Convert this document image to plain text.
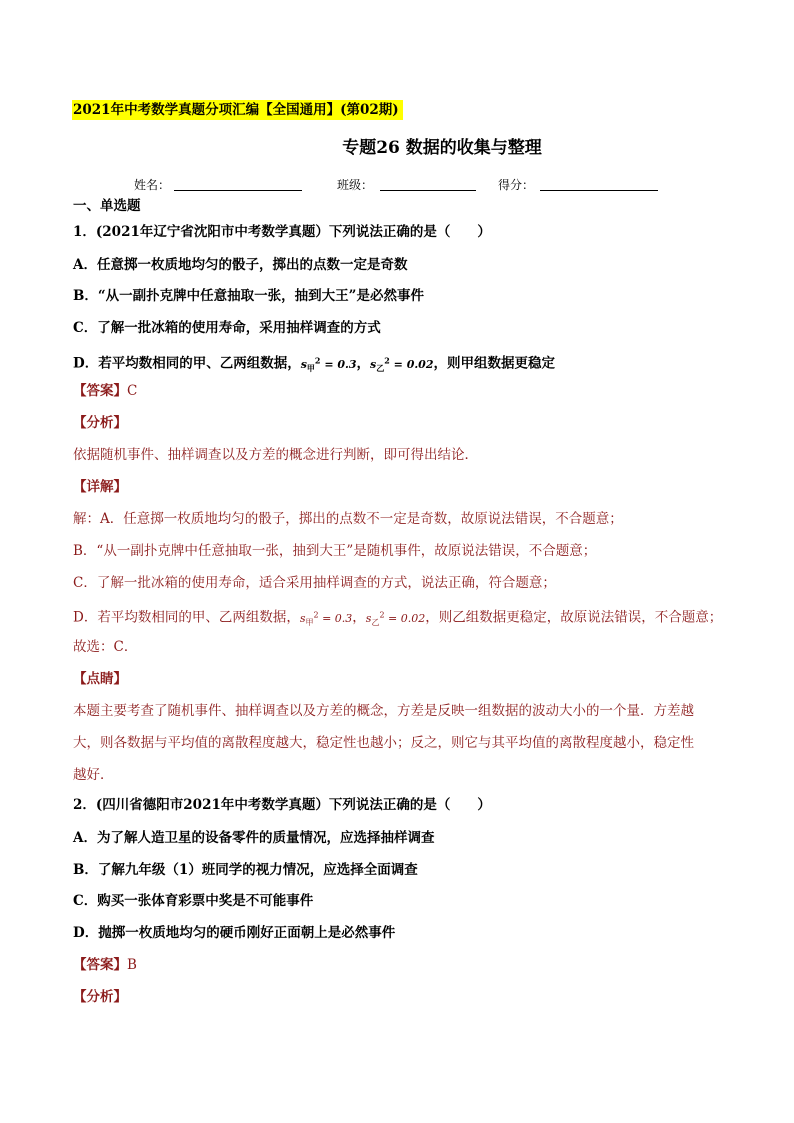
2021年中考数学真题分项汇编【全国通用】(第02期)
专题26 数据的收集与整理
姓名：	班级：	得分：
一、单选题
1．(2021年辽宁省沈阳市中考数学真题）下列说法正确的是（　　）
A．任意掷一枚质地均匀的骰子，掷出的点数一定是奇数
B．“从一副扑克牌中任意抽取一张，抽到大王”是必然事件
C．了解一批冰箱的使用寿命，采用抽样调查的方式
D．若平均数相同的甲、乙两组数据，$s_甲^2 = 0.3$，$s_乙^2 = 0.02$，则甲组数据更稳定
【答案】C
【分析】
依据随机事件、抽样调查以及方差的概念进行判断，即可得出结论．
【详解】
解：A．任意掷一枚质地均匀的骰子，掷出的点数不一定是奇数，故原说法错误，不合题意；
B．“从一副扑克牌中任意抽取一张，抽到大王”是随机事件，故原说法错误，不合题意；
C．了解一批冰箱的使用寿命，适合采用抽样调查的方式，说法正确，符合题意；
D．若平均数相同的甲、乙两组数据，$s_甲^2 = 0.3$，$s_乙^2 = 0.02$，则乙组数据更稳定，故原说法错误，不合题意；
故选：C．
【点睛】
本题主要考查了随机事件、抽样调查以及方差的概念，方差是反映一组数据的波动大小的一个量．方差越
大，则各数据与平均值的离散程度越大，稳定性也越小；反之，则它与其平均值的离散程度越小，稳定性
越好．
2．(四川省德阳市2021年中考数学真题）下列说法正确的是（　　）
A．为了解人造卫星的设备零件的质量情况，应选择抽样调查
B．了解九年级（1）班同学的视力情况，应选择全面调查
C．购买一张体育彩票中奖是不可能事件
D．抛掷一枚质地均匀的硬币刚好正面朝上是必然事件
【答案】B
【分析】
